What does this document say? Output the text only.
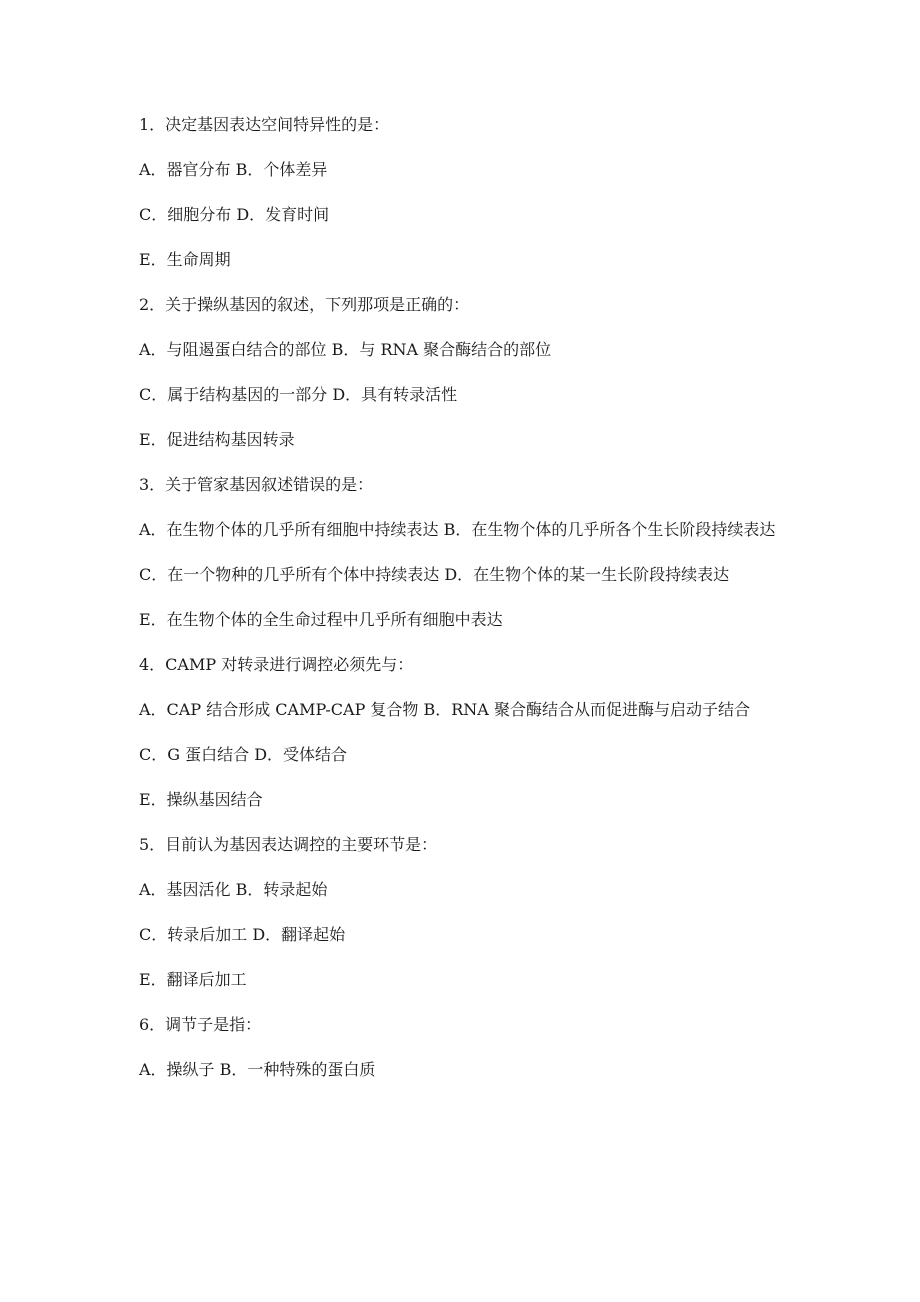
1．决定基因表达空间特异性的是：

A．器官分布 B．个体差异

C．细胞分布 D．发育时间

E．生命周期

2．关于操纵基因的叙述，下列那项是正确的：

A．与阻遏蛋白结合的部位 B．与 RNA 聚合酶结合的部位

C．属于结构基因的一部分 D．具有转录活性

E．促进结构基因转录

3．关于管家基因叙述错误的是：

A．在生物个体的几乎所有细胞中持续表达 B．在生物个体的几乎所各个生长阶段持续表达

C．在一个物种的几乎所有个体中持续表达 D．在生物个体的某一生长阶段持续表达

E．在生物个体的全生命过程中几乎所有细胞中表达

4．CAMP 对转录进行调控必须先与：

A．CAP 结合形成 CAMP-CAP 复合物 B．RNA 聚合酶结合从而促进酶与启动子结合

C．G 蛋白结合 D．受体结合

E．操纵基因结合

5．目前认为基因表达调控的主要环节是：

A．基因活化 B．转录起始

C．转录后加工 D．翻译起始

E．翻译后加工

6．调节子是指：

A．操纵子 B．一种特殊的蛋白质
